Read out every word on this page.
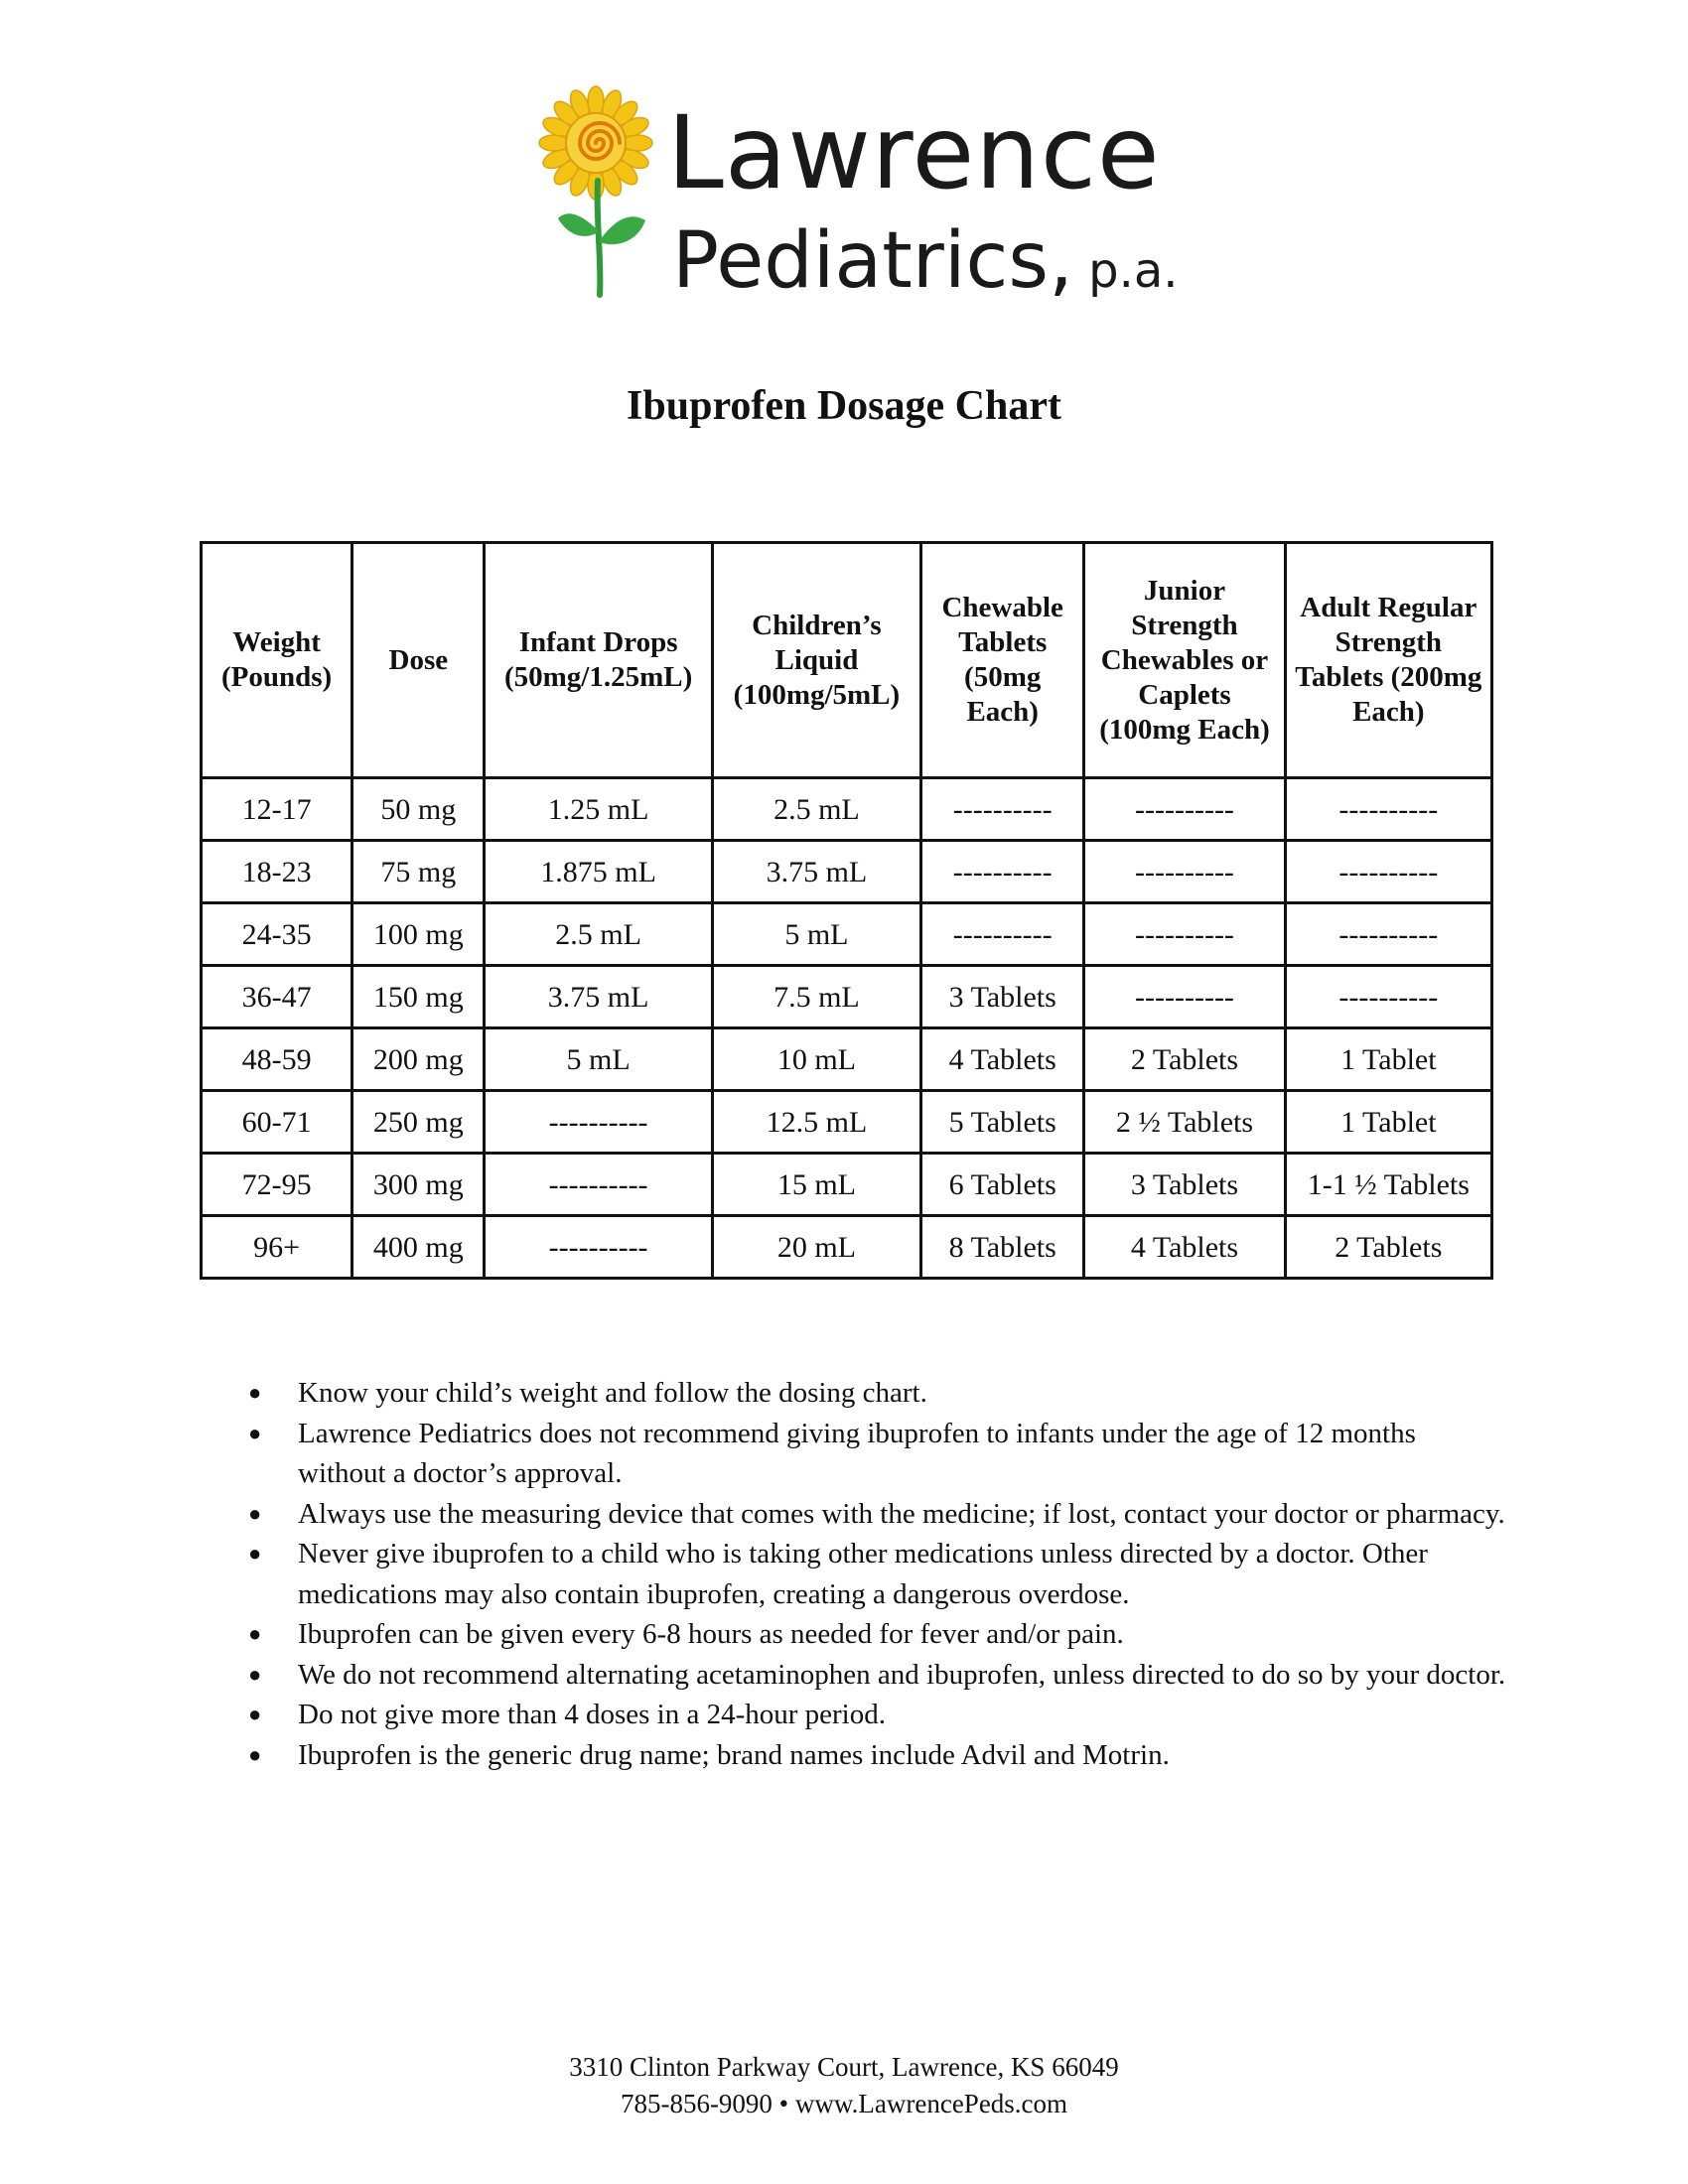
Lawrence
Pediatrics, p.a.
Ibuprofen Dosage Chart
Weight (Pounds)	Dose	Infant Drops (50mg/1.25mL)	Children’s Liquid (100mg/5mL)	Chewable Tablets (50mg Each)	Junior Strength Chewables or Caplets (100mg Each)	Adult Regular Strength Tablets (200mg Each)
12-17	50 mg	1.25 mL	2.5 mL	----------	----------	----------
18-23	75 mg	1.875 mL	3.75 mL	----------	----------	----------
24-35	100 mg	2.5 mL	5 mL	----------	----------	----------
36-47	150 mg	3.75 mL	7.5 mL	3 Tablets	----------	----------
48-59	200 mg	5 mL	10 mL	4 Tablets	2 Tablets	1 Tablet
60-71	250 mg	----------	12.5 mL	5 Tablets	2 ½ Tablets	1 Tablet
72-95	300 mg	----------	15 mL	6 Tablets	3 Tablets	1-1 ½ Tablets
96+	400 mg	----------	20 mL	8 Tablets	4 Tablets	2 Tablets
● Know your child’s weight and follow the dosing chart.
● Lawrence Pediatrics does not recommend giving ibuprofen to infants under the age of 12 months without a doctor’s approval.
● Always use the measuring device that comes with the medicine; if lost, contact your doctor or pharmacy.
● Never give ibuprofen to a child who is taking other medications unless directed by a doctor. Other medications may also contain ibuprofen, creating a dangerous overdose.
● Ibuprofen can be given every 6-8 hours as needed for fever and/or pain.
● We do not recommend alternating acetaminophen and ibuprofen, unless directed to do so by your doctor.
● Do not give more than 4 doses in a 24-hour period.
● Ibuprofen is the generic drug name; brand names include Advil and Motrin.
3310 Clinton Parkway Court, Lawrence, KS 66049
785-856-9090 • www.LawrencePeds.com
